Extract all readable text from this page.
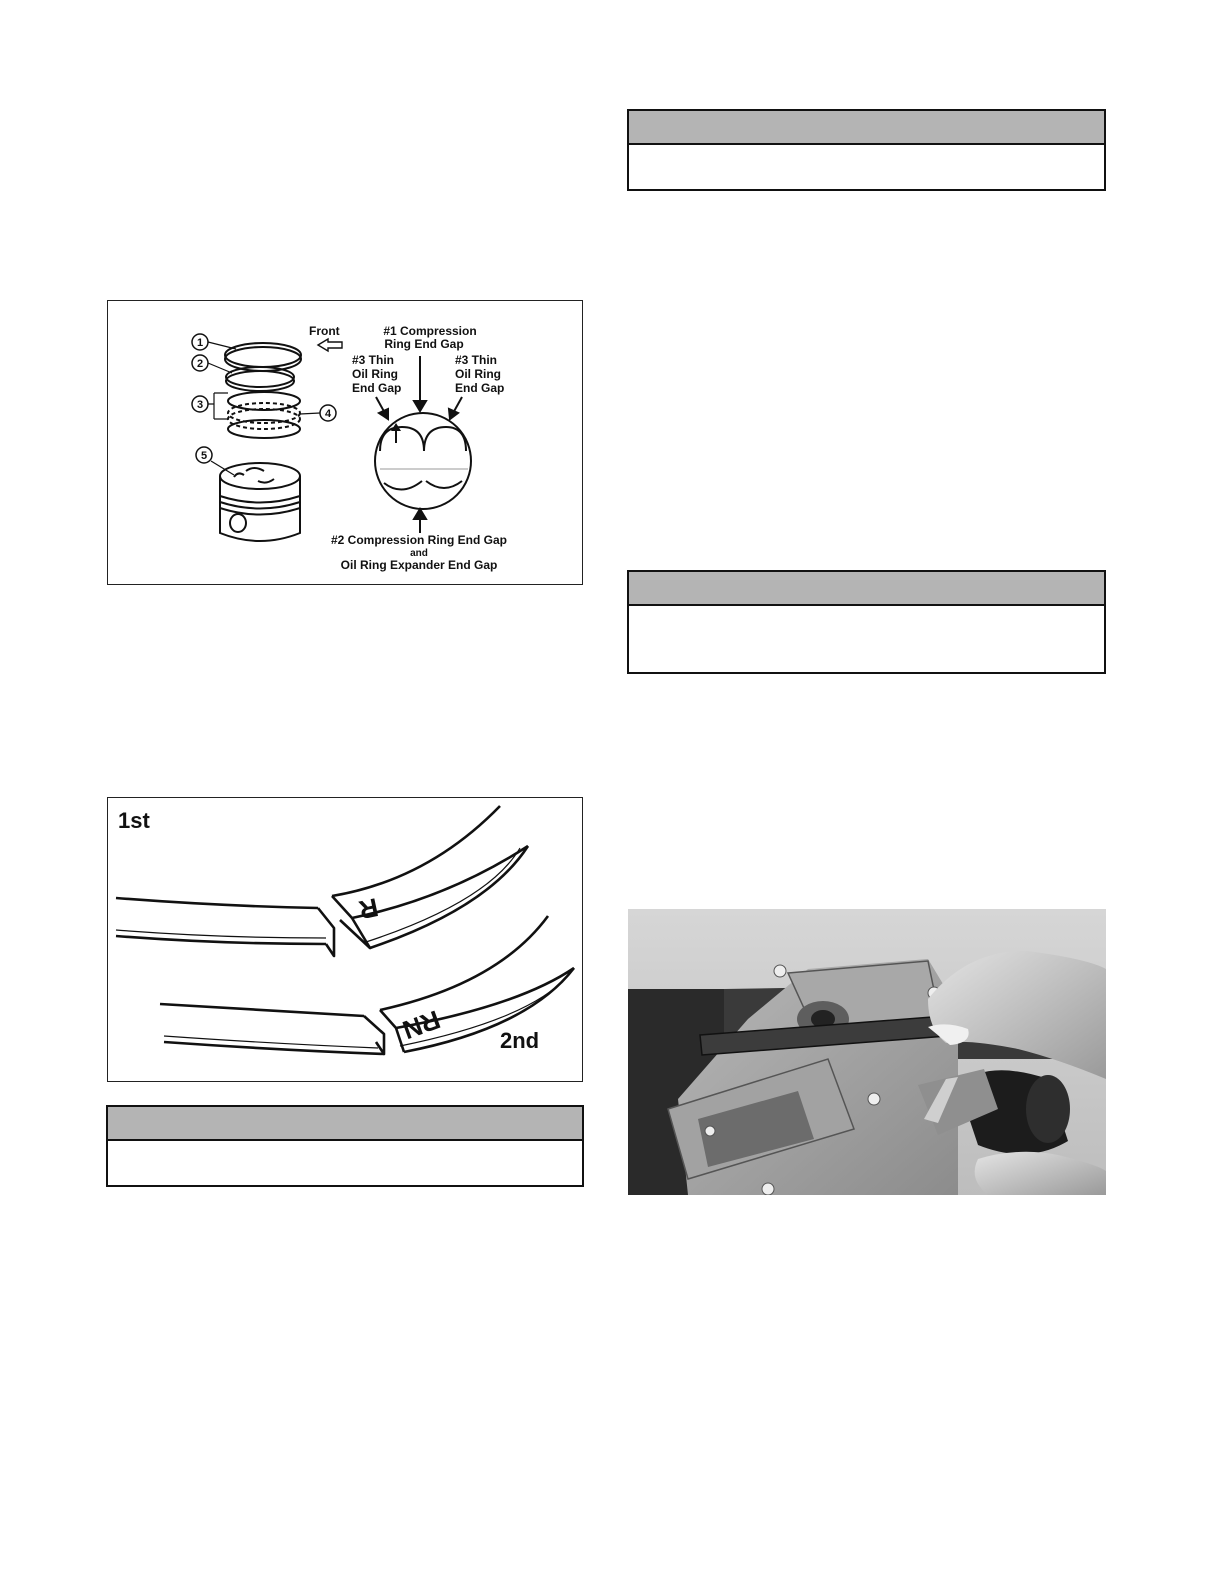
1
2
3
4
5
Front	#1 Compression
Ring End Gap
#3 Thin
Oil Ring
End Gap
#3 Thin
Oil Ring
End Gap
#2 Compression Ring End Gap
and
Oil Ring Expander End Gap
R
RN
1st
2nd
